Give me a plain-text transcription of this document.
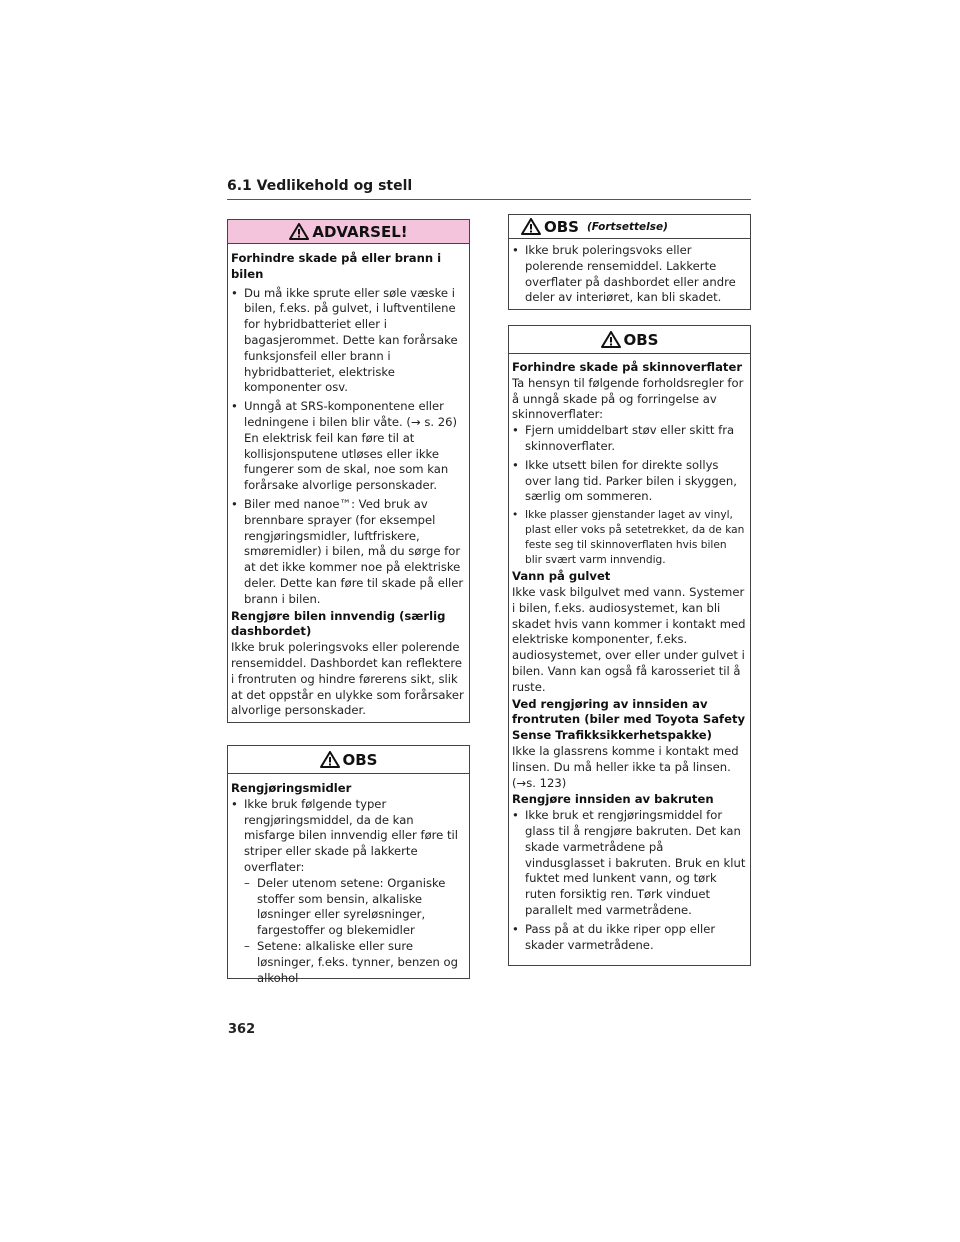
6.1 Vedlikehold og stell
ADVARSEL!
Forhindre skade på eller brann i bilen
• Du må ikke sprute eller søle væske i bilen, f.eks. på gulvet, i luftventilene for hybridbatteriet eller i bagasjerommet. Dette kan forårsake funksjonsfeil eller brann i hybridbatteriet, elektriske komponenter osv.
• Unngå at SRS-komponentene eller ledningene i bilen blir våte. (→ s. 26) En elektrisk feil kan føre til at kollisjonsputene utløses eller ikke fungerer som de skal, noe som kan forårsake alvorlige personskader.
• Biler med nanoe™: Ved bruk av brennbare sprayer (for eksempel rengjøringsmidler, luftfriskere, smøremidler) i bilen, må du sørge for at det ikke kommer noe på elektriske deler. Dette kan føre til skade på eller brann i bilen.
Rengjøre bilen innvendig (særlig dashbordet)

Ikke bruk poleringsvoks eller polerende rensemiddel. Dashbordet kan reflektere i frontruten og hindre førerens sikt, slik at det oppstår en ulykke som forårsaker alvorlige personskader.

OBS
Rengjøringsmidler
• Ikke bruk følgende typer rengjøringsmiddel, da de kan misfarge bilen innvendig eller føre til striper eller skade på lakkerte overflater:
– Deler utenom setene: Organiske stoffer som bensin, alkaliske løsninger eller syreløsninger, fargestoffer og blekemidler
– Setene: alkaliske eller sure løsninger, f.eks. tynner, benzen og alkohol
OBS (Fortsettelse)
• Ikke bruk poleringsvoks eller polerende rensemiddel. Lakkerte overflater på dashbordet eller andre deler av interiøret, kan bli skadet.
OBS
Forhindre skade på skinnoverflater

Ta hensyn til følgende forholdsregler for å unngå skade på og forringelse av skinnoverflater:

• Fjern umiddelbart støv eller skitt fra skinnoverflater.
• Ikke utsett bilen for direkte sollys over lang tid. Parker bilen i skyggen, særlig om sommeren.
• Ikke plasser gjenstander laget av vinyl, plast eller voks på setetrekket, da de kan feste seg til skinnoverflaten hvis bilen blir svært varm innvendig.
Vann på gulvet

Ikke vask bilgulvet med vann. Systemer i bilen, f.eks. audiosystemet, kan bli skadet hvis vann kommer i kontakt med elektriske komponenter, f.eks. audiosystemet, over eller under gulvet i bilen. Vann kan også få karosseriet til å ruste.

Ved rengjøring av innsiden av frontruten (biler med Toyota Safety Sense Trafikksikkerhetspakke)

Ikke la glassrens komme i kontakt med linsen. Du må heller ikke ta på linsen. (→s. 123)

Rengjøre innsiden av bakruten
• Ikke bruk et rengjøringsmiddel for glass til å rengjøre bakruten. Det kan skade varmetrådene på vindusglasset i bakruten. Bruk en klut fuktet med lunkent vann, og tørk ruten forsiktig ren. Tørk vinduet parallelt med varmetrådene.
• Pass på at du ikke riper opp eller skader varmetrådene.
362
